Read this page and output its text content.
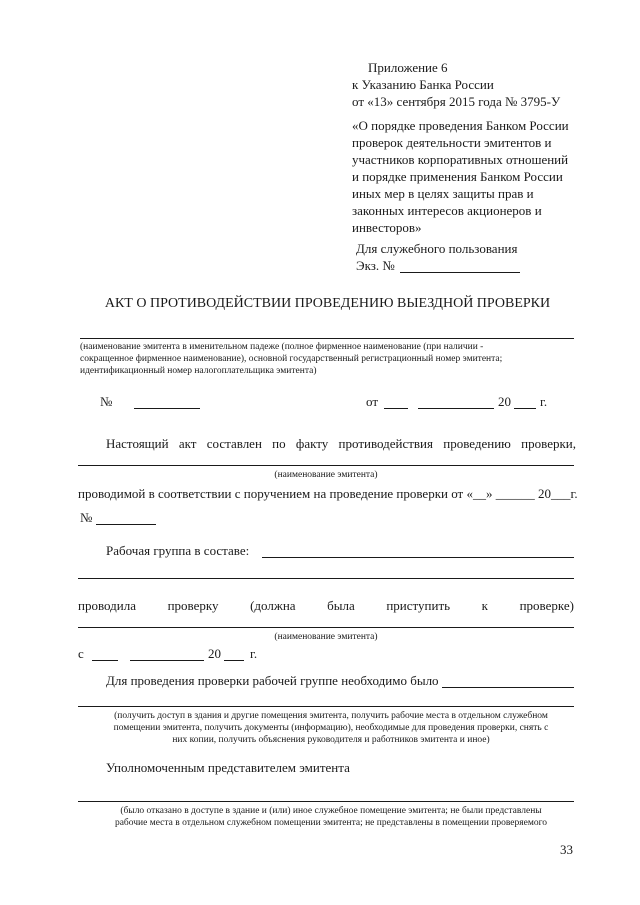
Приложение 6
к Указанию Банка России
от «13» сентября 2015 года № 3795-У
«О порядке проведения Банком России
проверок деятельности эмитентов и
участников корпоративных отношений
и порядке применения Банком России
иных мер в целях защиты прав и
законных интересов акционеров и
инвесторов»
Для служебного пользования
Экз. №
АКТ О ПРОТИВОДЕЙСТВИИ ПРОВЕДЕНИЮ ВЫЕЗДНОЙ ПРОВЕРКИ
(наименование эмитента в именительном падеже (полное фирменное наименование (при наличии -
сокращенное фирменное наименование), основной государственный регистрационный номер эмитента;
идентификационный номер налогоплательщика эмитента)
№	от	20 г.
Настоящий акт составлен по факту противодействия проведению проверки,
(наименование эмитента)
проводимой в соответствии с поручением на проведение проверки от «__» ______ 20___г.
№
Рабочая группа в составе:
проводила проверку (должна была приступить к проверке)
(наименование эмитента)
с	20 г.
Для проведения проверки рабочей группе необходимо было
(получить доступ в здания и другие помещения эмитента, получить рабочие места в отдельном служебном
помещении эмитента, получить документы (информацию), необходимые для проведения проверки, снять с
них копии, получить объяснения руководителя и работников эмитента и иное)
Уполномоченным представителем эмитента
(было отказано в доступе в здание и (или) иное служебное помещение эмитента; не были представлены
рабочие места в отдельном служебном помещении эмитента; не представлены в помещении проверяемого
33
